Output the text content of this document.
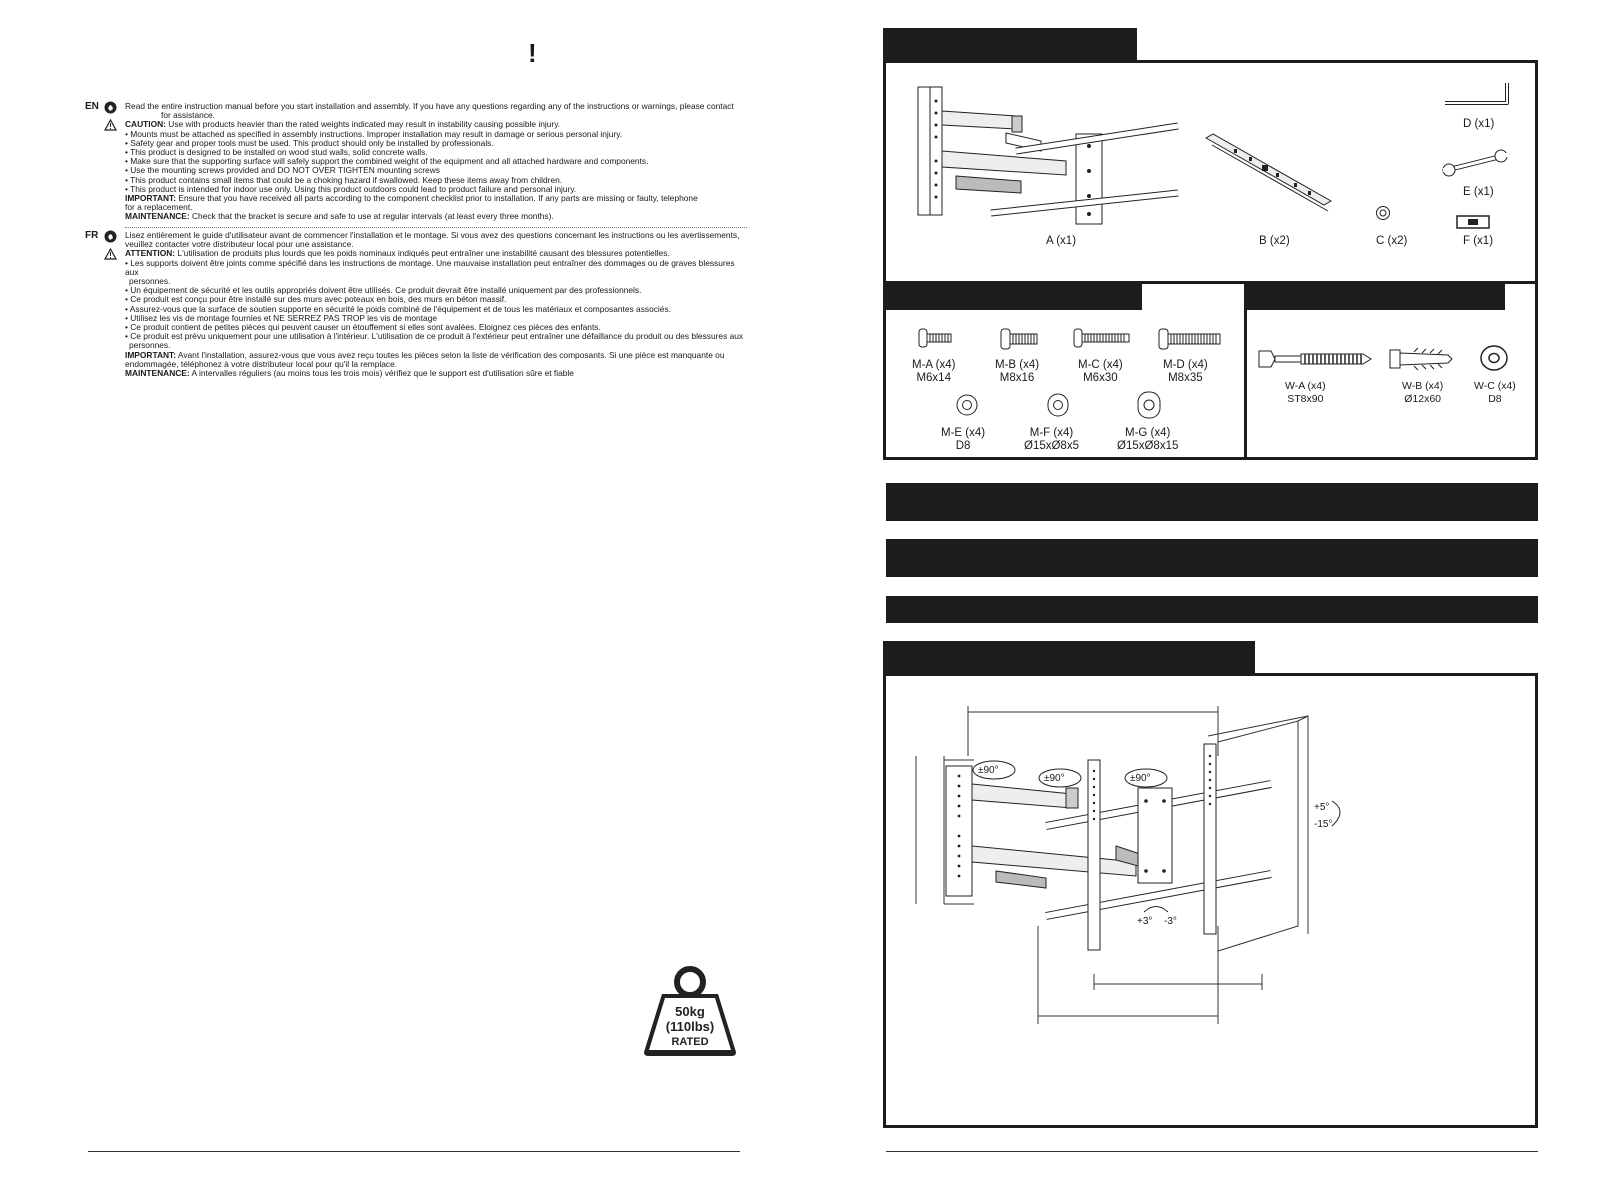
!
EN	Read the entire instruction manual before you start installation and assembly. If you have any questions regarding any of the instructions or warnings, please contact

for assistance.

CAUTION: Use with products heavier than the rated weights indicated may result in instability causing possible injury.

• Mounts must be attached as specified in assembly instructions. Improper installation may result in damage or serious personal injury.

• Safety gear and proper tools must be used. This product should only be installed by professionals.

• This product is designed to be installed on wood stud walls, solid concrete walls.

• Make sure that the supporting surface will safely support the combined weight of the equipment and all attached hardware and components.

• Use the mounting screws provided and DO NOT OVER TIGHTEN mounting screws

• This product contains small items that could be a choking hazard if swallowed. Keep these items away from children.

• This product is intended for indoor use only. Using this product outdoors could lead to product failure and personal injury.

IMPORTANT: Ensure that you have received all parts according to the component checklist prior to installation. If any parts are missing or faulty, telephone

for a replacement.

MAINTENANCE: Check that the bracket is secure and safe to use at regular intervals (at least every three months).

FR	Lisez entièrement le guide d'utilisateur avant de commencer l'installation et le montage. Si vous avez des questions concernant les instructions ou les avertissements,

veuillez contacter votre distributeur local pour une assistance.

ATTENTION: L'utilisation de produits plus lourds que les poids nominaux indiqués peut entraîner une instabilité causant des blessures potentielles.

• Les supports doivent être joints comme spécifié dans les instructions de montage. Une mauvaise installation peut entraîner des dommages ou de graves blessures aux

personnes.

• Un équipement de sécurité et les outils appropriés doivent être utilisés. Ce produit devrait être installé uniquement par des professionnels.

• Ce produit est conçu pour être installé sur des murs avec poteaux en bois, des murs en béton massif.

• Assurez-vous que la surface de soutien supporte en sécurité le poids combiné de l'équipement et de tous les matériaux et composantes associés.

• Utilisez les vis de montage fournies et NE SERREZ PAS TROP les vis de montage

• Ce produit contient de petites pièces qui peuvent causer un étouffement si elles sont avalées. Eloignez ces pièces des enfants.

• Ce produit est prévu uniquement pour une utilisation à l'intérieur. L'utilisation de ce produit à l'extérieur peut entraîner une défaillance du produit ou des blessures aux

personnes.

IMPORTANT: Avant l'installation, assurez-vous que vous avez reçu toutes les pièces selon la liste de vérification des composants. Si une pièce est manquante ou

endommagée, téléphonez à votre distributeur local pour qu'il la remplace.

MAINTENANCE: A intervalles réguliers (au moins tous les trois mois) vérifiez que le support est d'utilisation sûre et fiable

50kg
(110lbs)
RATED
A (x1)	B (x2)	C (x2)
D (x1)
E (x1)
F (x1)
M-A (x4)
M6x14
M-B (x4)
M8x16
M-C (x4)
M6x30
M-D (x4)
M8x35
M-E (x4)
D8
M-F (x4)
Ø15xØ8x5
M-G (x4)
Ø15xØ8x15
W-A (x4)
ST8x90
W-B (x4)
Ø12x60
W-C (x4)
D8
±90°
±90°	±90°
+5°
-15°
+3° -3°
